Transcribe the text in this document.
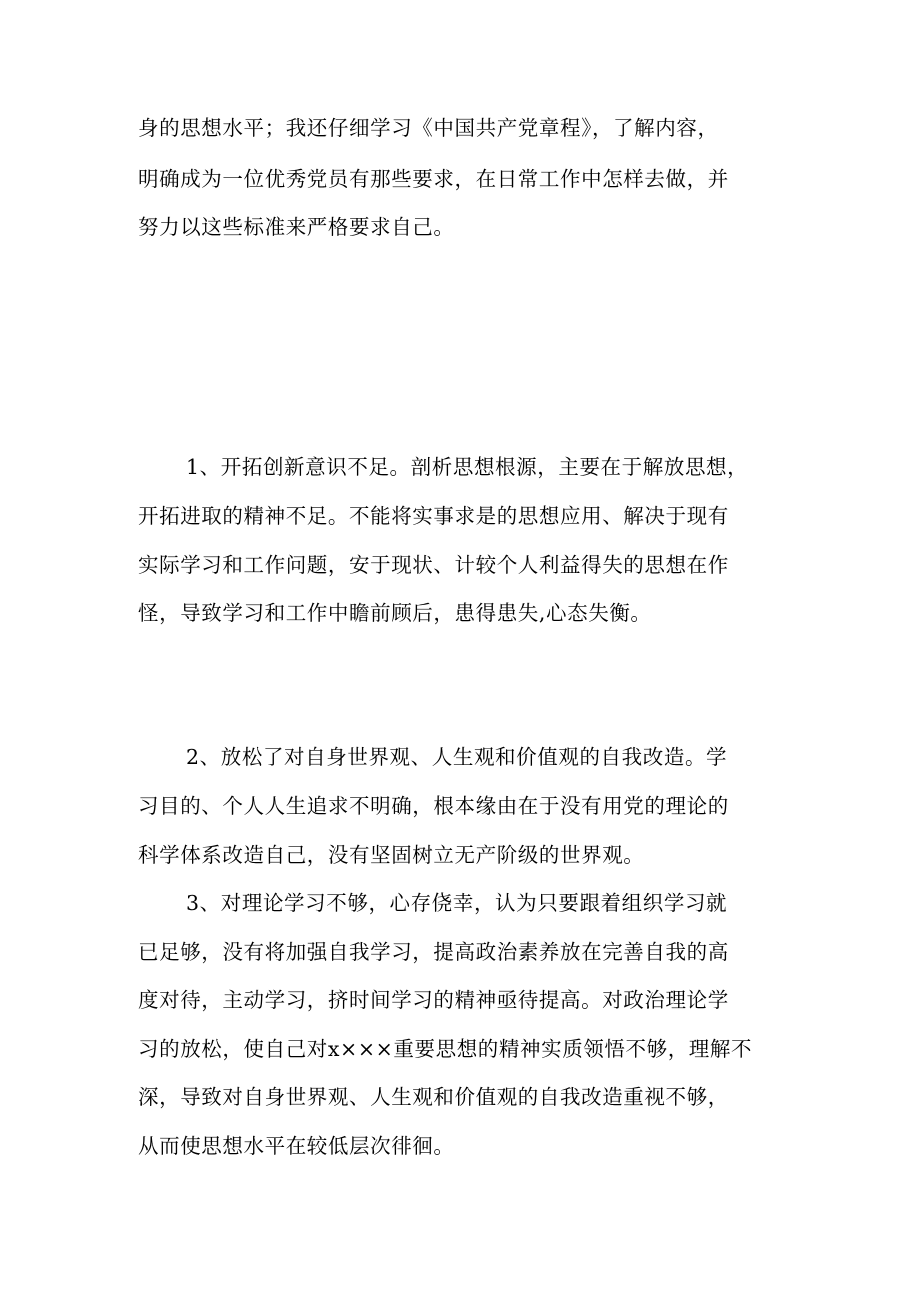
身的思想水平；我还仔细学习《中国共产党章程》，了解内容，
明确成为一位优秀党员有那些要求，在日常工作中怎样去做，并
努力以这些标准来严格要求自己。
1、开拓创新意识不足。剖析思想根源，主要在于解放思想，
开拓进取的精神不足。不能将实事求是的思想应用、解决于现有
实际学习和工作问题，安于现状、计较个人利益得失的思想在作
怪，导致学习和工作中瞻前顾后，患得患失,心态失衡。
2、放松了对自身世界观、人生观和价值观的自我改造。学
习目的、个人人生追求不明确，根本缘由在于没有用党的理论的
科学体系改造自己，没有坚固树立无产阶级的世界观。
3、对理论学习不够，心存侥幸，认为只要跟着组织学习就
已足够，没有将加强自我学习，提高政治素养放在完善自我的高
度对待，主动学习，挤时间学习的精神亟待提高。对政治理论学
习的放松，使自己对x×××重要思想的精神实质领悟不够，理解不
深，导致对自身世界观、人生观和价值观的自我改造重视不够，
从而使思想水平在较低层次徘徊。
